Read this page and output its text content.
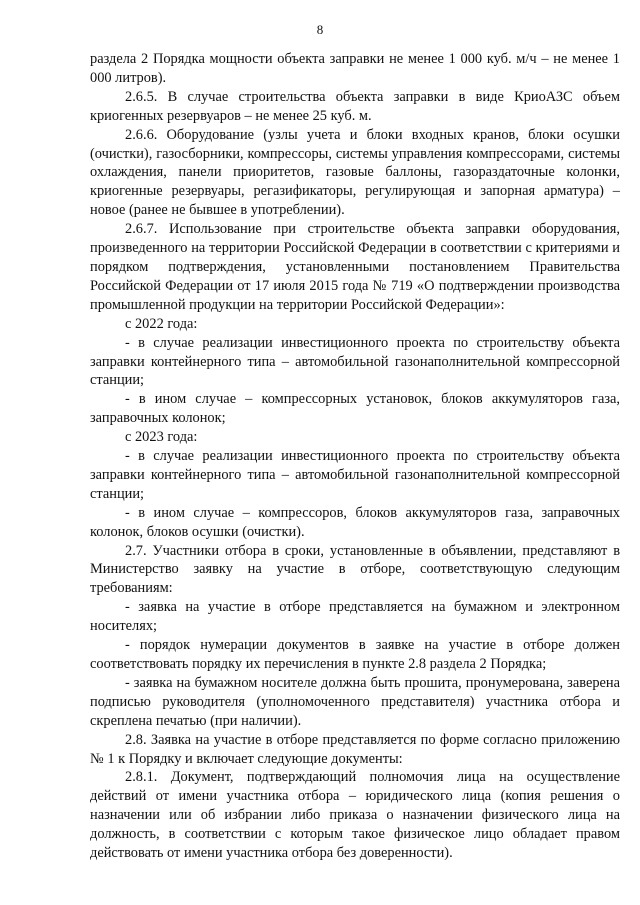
8

раздела 2 Порядка мощности объекта заправки не менее 1 000 куб. м/ч – не менее 1 000 литров).

2.6.5. В случае строительства объекта заправки в виде КриоАЗС объем криогенных резервуаров – не менее 25 куб. м.

2.6.6. Оборудование (узлы учета и блоки входных кранов, блоки осушки (очистки), газосборники, компрессоры, системы управления компрессорами, системы охлаждения, панели приоритетов, газовые баллоны, газораздаточные колонки, криогенные резервуары, регазификаторы, регулирующая и запорная арматура) – новое (ранее не бывшее в употреблении).

2.6.7. Использование при строительстве объекта заправки оборудования, произведенного на территории Российской Федерации в соответствии с критериями и порядком подтверждения, установленными постановлением Правительства Российской Федерации от 17 июля 2015 года № 719 «О подтверждении производства промышленной продукции на территории Российской Федерации»:

с 2022 года:

- в случае реализации инвестиционного проекта по строительству объекта заправки контейнерного типа – автомобильной газонаполнительной компрессорной станции;

- в ином случае – компрессорных установок, блоков аккумуляторов газа, заправочных колонок;

с 2023 года:

- в случае реализации инвестиционного проекта по строительству объекта заправки контейнерного типа – автомобильной газонаполнительной компрессорной станции;

- в ином случае – компрессоров, блоков аккумуляторов газа, заправочных колонок, блоков осушки (очистки).

2.7. Участники отбора в сроки, установленные в объявлении, представляют в Министерство заявку на участие в отборе, соответствующую следующим требованиям:

- заявка на участие в отборе представляется на бумажном и электронном носителях;

- порядок нумерации документов в заявке на участие в отборе должен соответствовать порядку их перечисления в пункте 2.8 раздела 2 Порядка;

- заявка на бумажном носителе должна быть прошита, пронумерована, заверена подписью руководителя (уполномоченного представителя) участника отбора и скреплена печатью (при наличии).

2.8. Заявка на участие в отборе представляется по форме согласно приложению № 1 к Порядку и включает следующие документы:

2.8.1. Документ, подтверждающий полномочия лица на осуществление действий от имени участника отбора – юридического лица (копия решения о назначении или об избрании либо приказа о назначении физического лица на должность, в соответствии с которым такое физическое лицо обладает правом действовать от имени участника отбора без доверенности).
